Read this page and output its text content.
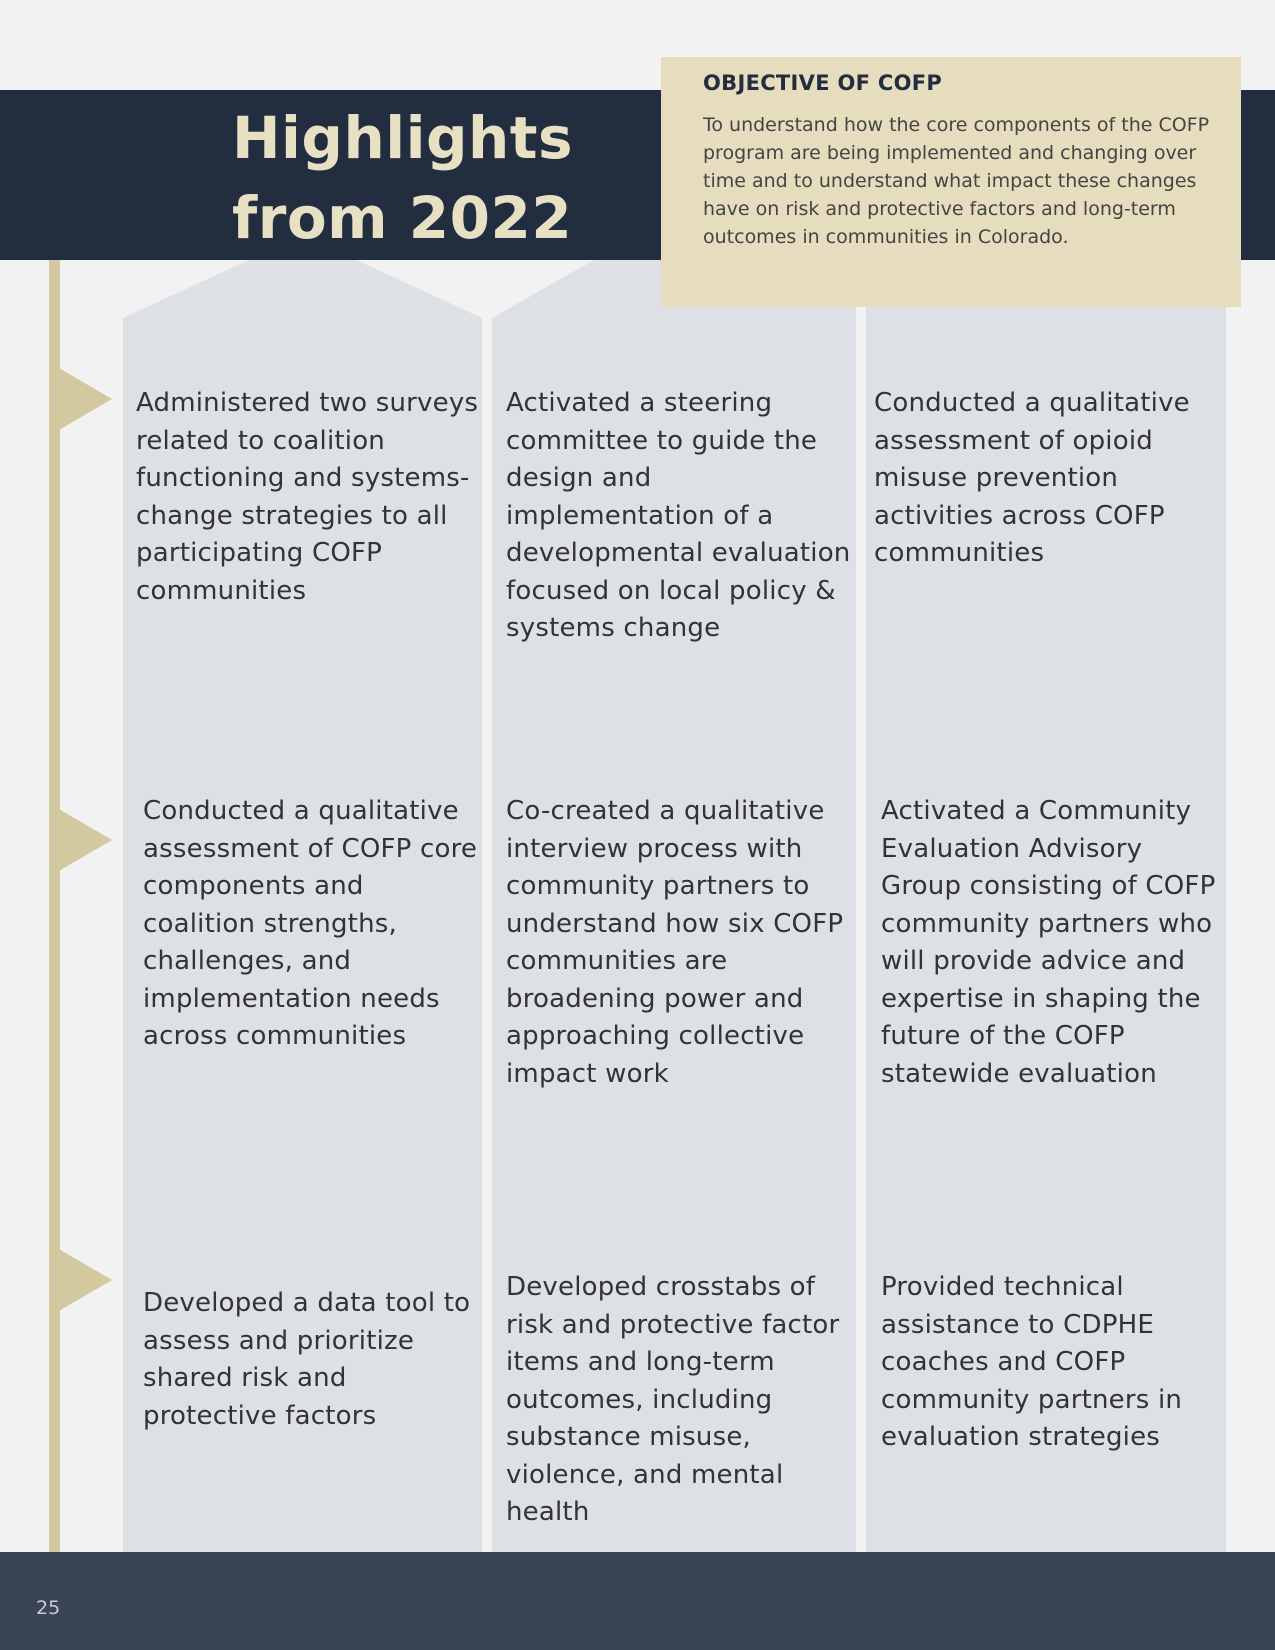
Highlights
from 2022
OBJECTIVE OF COFP

To understand how the core components of the COFP program are being implemented and changing over time and to understand what impact these changes have on risk and protective factors and long-term outcomes in communities in Colorado.

Administered two surveys related to coalition functioning and systems-change strategies to all participating COFP communities

Activated a steering committee to guide the design and implementation of a developmental evaluation focused on local policy & systems change

Conducted a qualitative assessment of opioid misuse prevention activities across COFP communities

Conducted a qualitative assessment of COFP core components and coalition strengths, challenges, and implementation needs across communities

Co-created a qualitative interview process with community partners to understand how six COFP communities are broadening power and approaching collective impact work

Activated a Community Evaluation Advisory Group consisting of COFP community partners who will provide advice and expertise in shaping the future of the COFP statewide evaluation

Developed a data tool to assess and prioritize shared risk and protective factors

Developed crosstabs of risk and protective factor items and long-term outcomes, including substance misuse, violence, and mental health

Provided technical assistance to CDPHE coaches and COFP community partners in evaluation strategies

25
